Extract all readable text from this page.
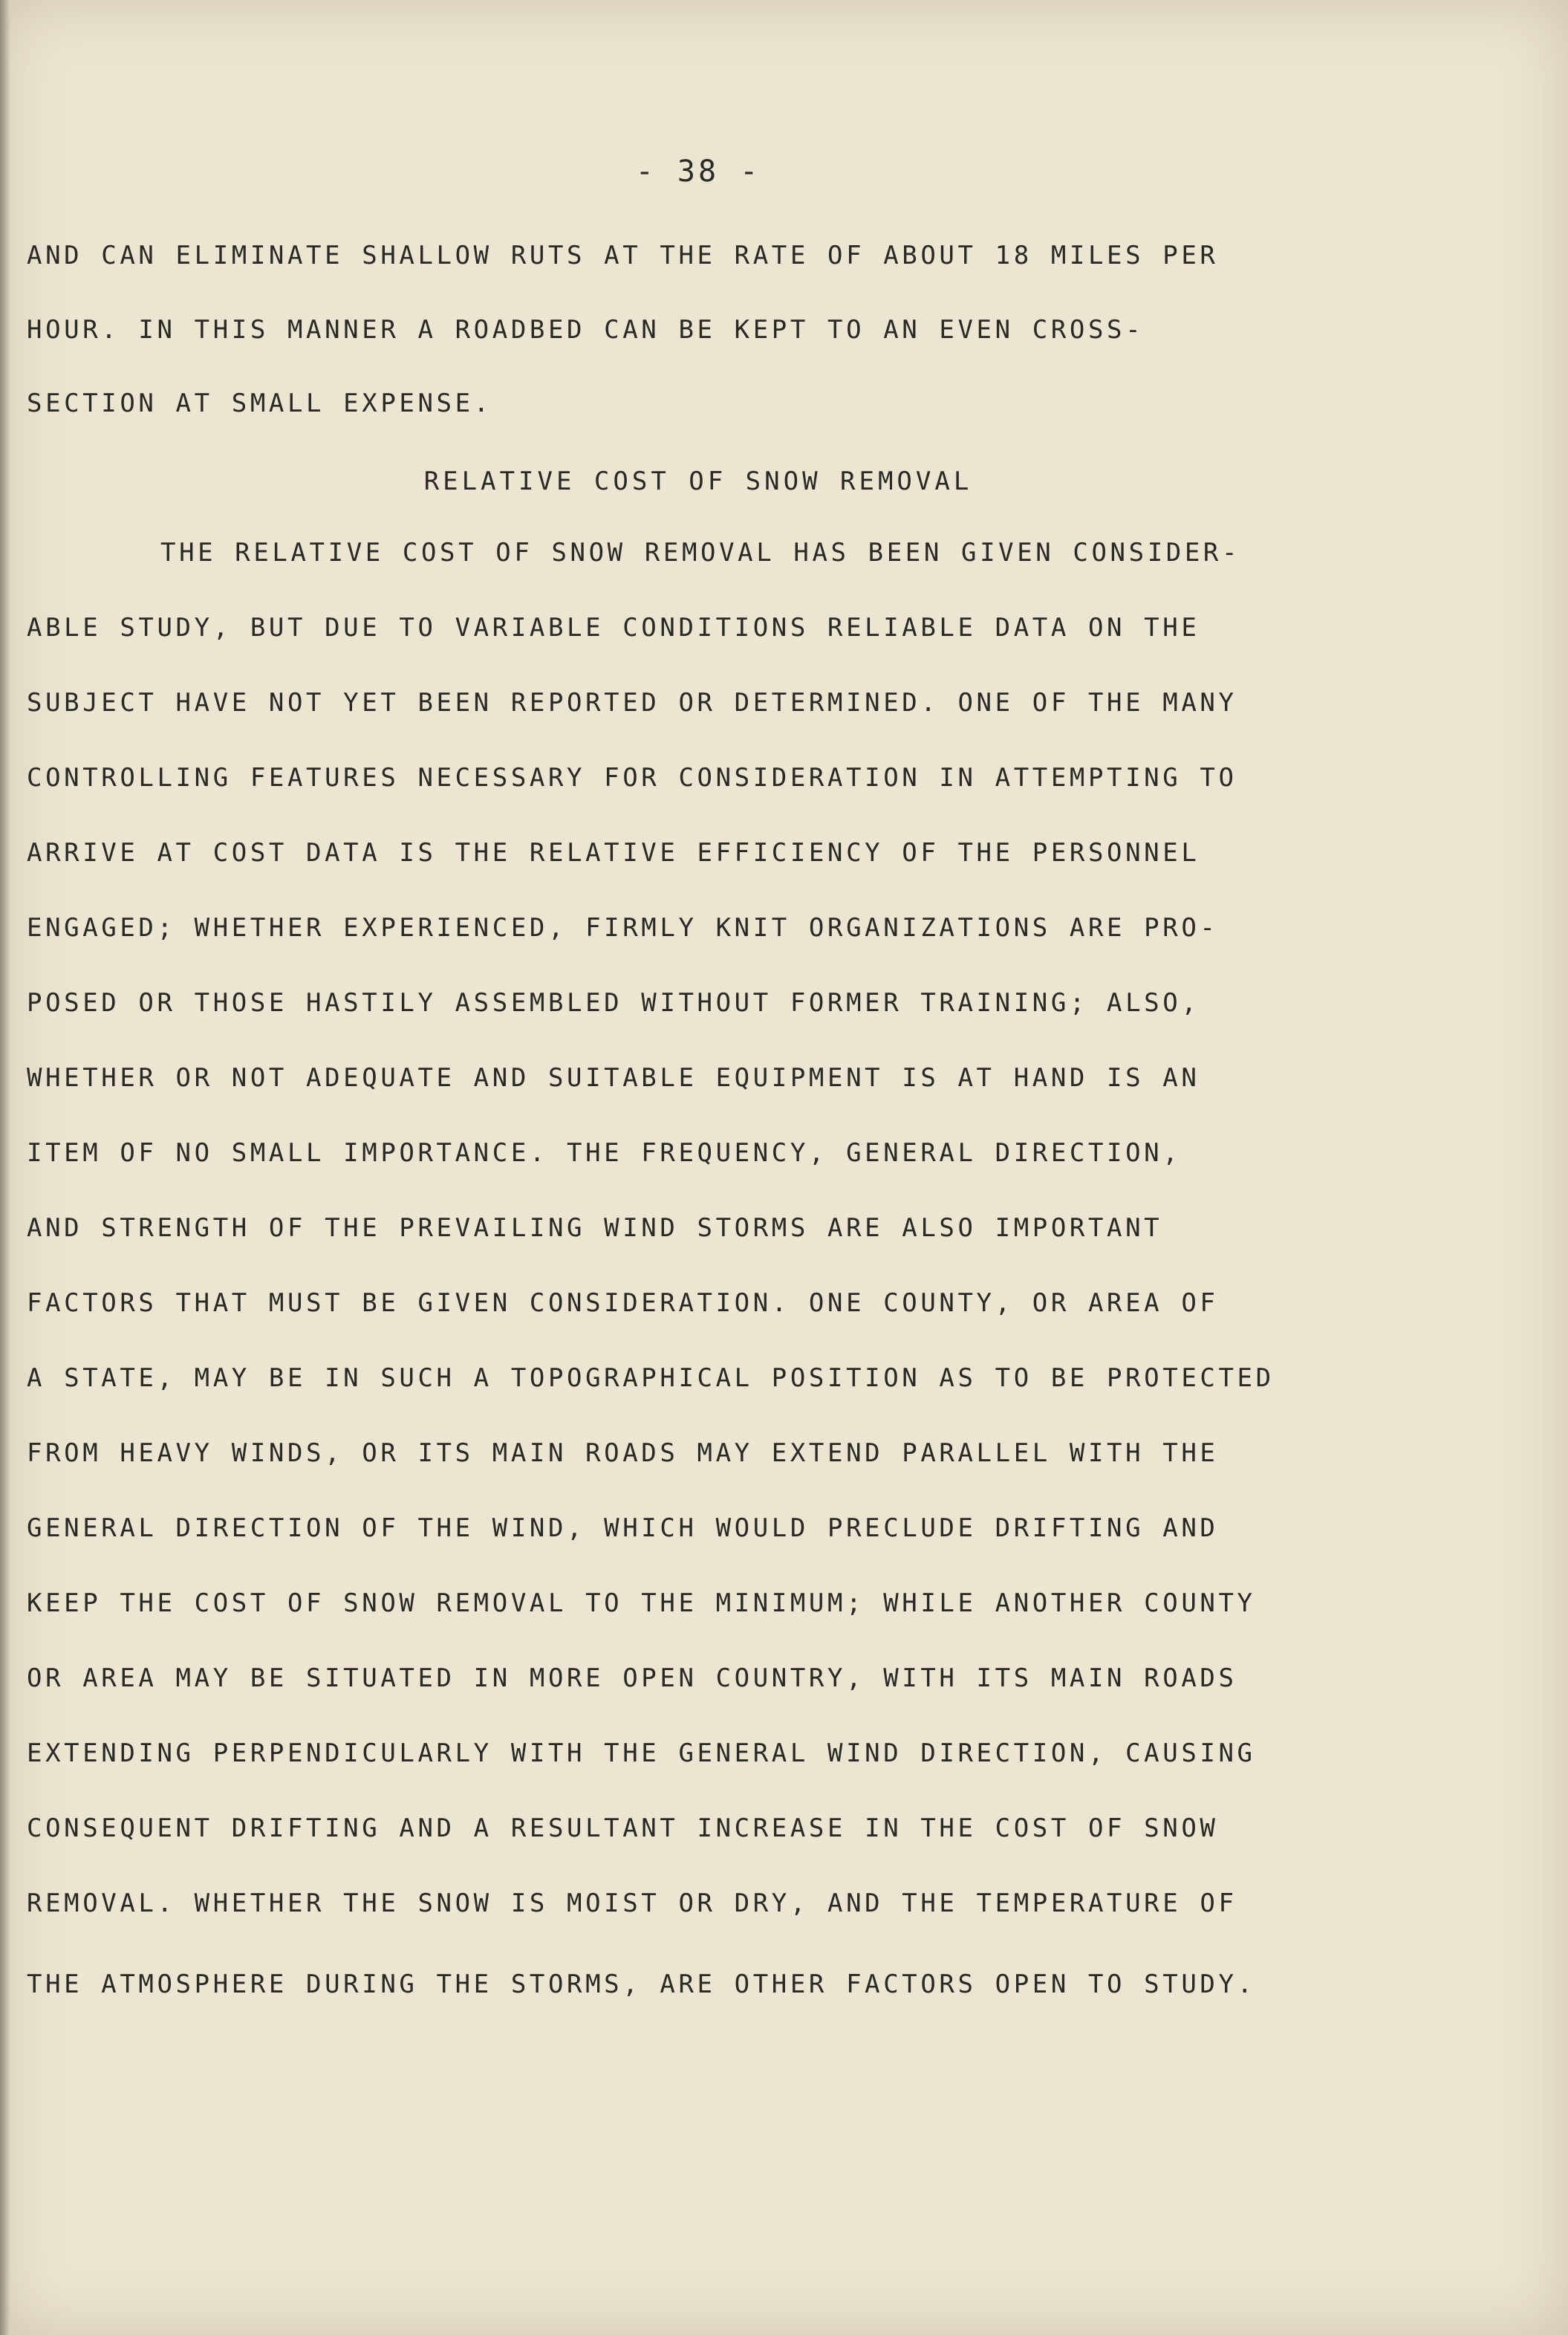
- 38 -

AND CAN ELIMINATE SHALLOW RUTS AT THE RATE OF ABOUT 18 MILES PER

HOUR. IN THIS MANNER A ROADBED CAN BE KEPT TO AN EVEN CROSS-

SECTION AT SMALL EXPENSE.

RELATIVE COST OF SNOW REMOVAL

THE RELATIVE COST OF SNOW REMOVAL HAS BEEN GIVEN CONSIDER-

ABLE STUDY, BUT DUE TO VARIABLE CONDITIONS RELIABLE DATA ON THE

SUBJECT HAVE NOT YET BEEN REPORTED OR DETERMINED. ONE OF THE MANY

CONTROLLING FEATURES NECESSARY FOR CONSIDERATION IN ATTEMPTING TO

ARRIVE AT COST DATA IS THE RELATIVE EFFICIENCY OF THE PERSONNEL

ENGAGED; WHETHER EXPERIENCED, FIRMLY KNIT ORGANIZATIONS ARE PRO-

POSED OR THOSE HASTILY ASSEMBLED WITHOUT FORMER TRAINING; ALSO,

WHETHER OR NOT ADEQUATE AND SUITABLE EQUIPMENT IS AT HAND IS AN

ITEM OF NO SMALL IMPORTANCE. THE FREQUENCY, GENERAL DIRECTION,

AND STRENGTH OF THE PREVAILING WIND STORMS ARE ALSO IMPORTANT

FACTORS THAT MUST BE GIVEN CONSIDERATION. ONE COUNTY, OR AREA OF

A STATE, MAY BE IN SUCH A TOPOGRAPHICAL POSITION AS TO BE PROTECTED

FROM HEAVY WINDS, OR ITS MAIN ROADS MAY EXTEND PARALLEL WITH THE

GENERAL DIRECTION OF THE WIND, WHICH WOULD PRECLUDE DRIFTING AND

KEEP THE COST OF SNOW REMOVAL TO THE MINIMUM; WHILE ANOTHER COUNTY

OR AREA MAY BE SITUATED IN MORE OPEN COUNTRY, WITH ITS MAIN ROADS

EXTENDING PERPENDICULARLY WITH THE GENERAL WIND DIRECTION, CAUSING

CONSEQUENT DRIFTING AND A RESULTANT INCREASE IN THE COST OF SNOW

REMOVAL. WHETHER THE SNOW IS MOIST OR DRY, AND THE TEMPERATURE OF

THE ATMOSPHERE DURING THE STORMS, ARE OTHER FACTORS OPEN TO STUDY.
